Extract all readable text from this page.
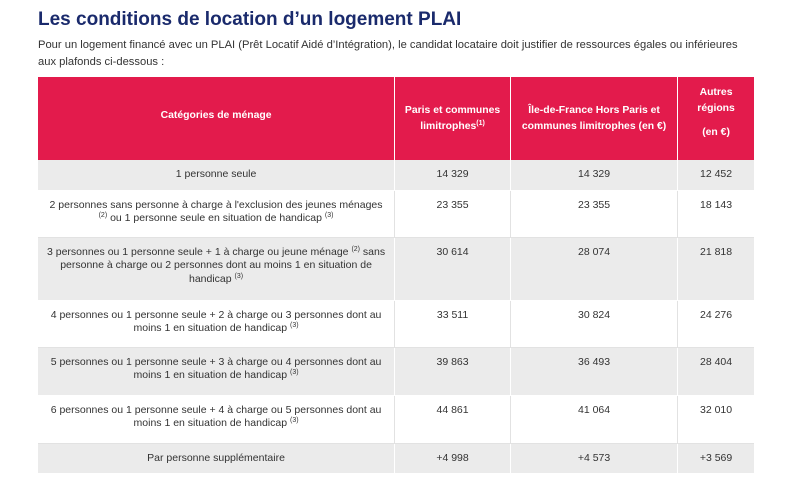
Les conditions de location d’un logement PLAI
Pour un logement financé avec un PLAI (Prêt Locatif Aidé d’Intégration), le candidat locataire doit justifier de ressources égales ou inférieures aux plafonds ci-dessous :
Catégories de ménage	Paris et communes limitrophes$^{(1)}$	Île-de-France Hors Paris et communes limitrophes (en €)	Autres régions
(en €)

1 personne seule	14 329	14 329	12 452

2 personnes sans personne à charge à l'exclusion des jeunes ménages $^{(2)}$ ou 1 personne seule en situation de handicap $^{(3)}$	23 355	23 355	18 143

3 personnes ou 1 personne seule + 1 à charge ou jeune ménage $^{(2)}$ sans personne à charge ou 2 personnes dont au moins 1 en situation de handicap $^{(3)}$	30 614	28 074	21 818

4 personnes ou 1 personne seule + 2 à charge ou 3 personnes dont au moins 1 en situation de handicap $^{(3)}$	33 511	30 824	24 276

5 personnes ou 1 personne seule + 3 à charge ou 4 personnes dont au moins 1 en situation de handicap $^{(3)}$	39 863	36 493	28 404

6 personnes ou 1 personne seule + 4 à charge ou 5 personnes dont au moins 1 en situation de handicap $^{(3)}$	44 861	41 064	32 010

Par personne supplémentaire	+4 998	+4 573	+3 569
